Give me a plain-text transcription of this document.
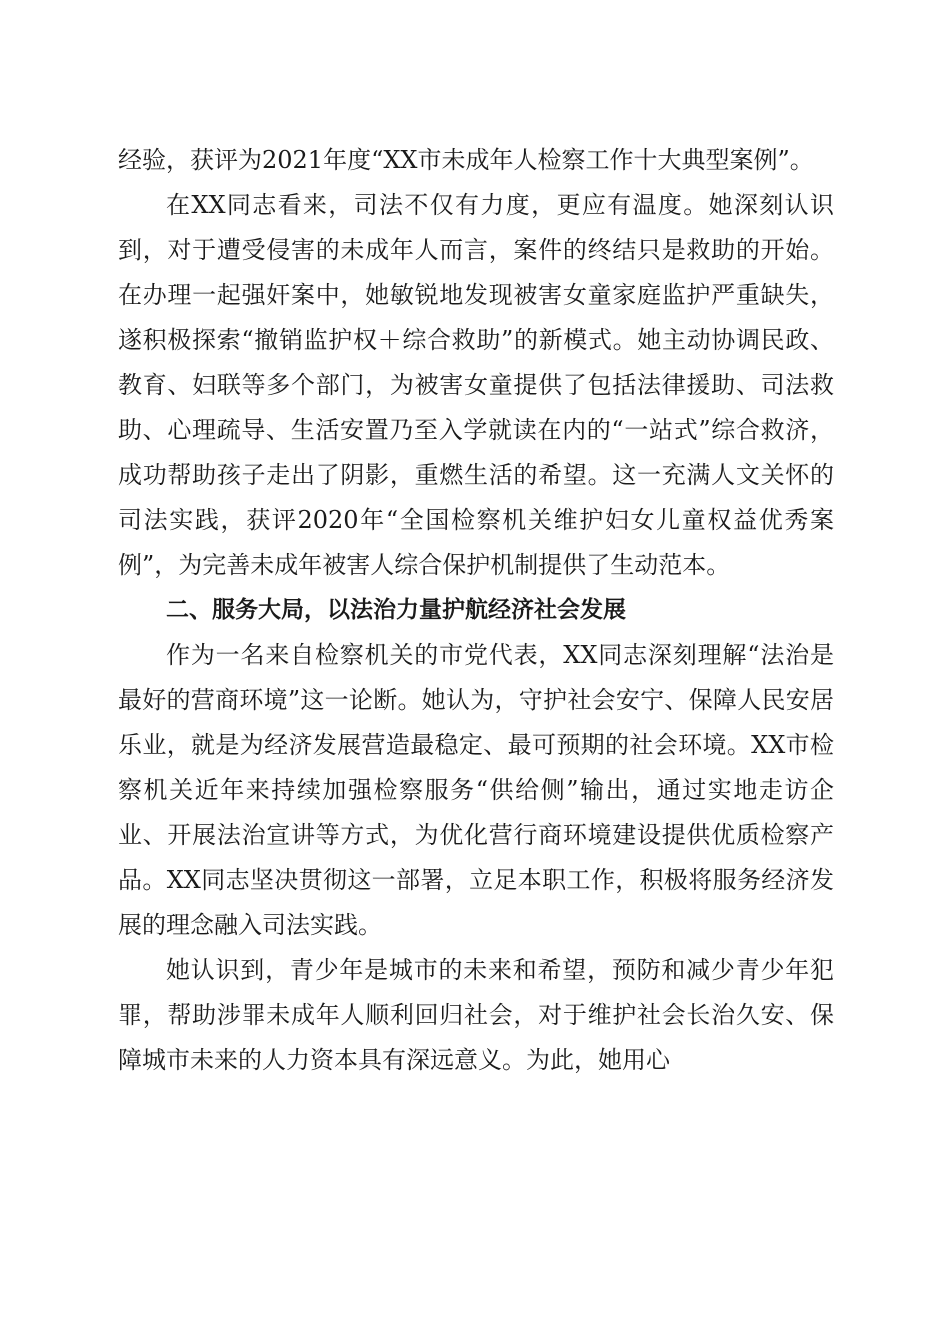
经验，获评为2021年度“XX市未成年人检察工作十大典型案例”。

在XX同志看来，司法不仅有力度，更应有温度。她深刻认识到，对于遭受侵害的未成年人而言，案件的终结只是救助的开始。在办理一起强奸案中，她敏锐地发现被害女童家庭监护严重缺失，遂积极探索“撤销监护权＋综合救助”的新模式。她主动协调民政、教育、妇联等多个部门，为被害女童提供了包括法律援助、司法救助、心理疏导、生活安置乃至入学就读在内的“一站式”综合救济，成功帮助孩子走出了阴影，重燃生活的希望。这一充满人文关怀的司法实践，获评2020年“全国检察机关维护妇女儿童权益优秀案例”，为完善未成年被害人综合保护机制提供了生动范本。

二、服务大局，以法治力量护航经济社会发展

作为一名来自检察机关的市党代表，XX同志深刻理解“法治是最好的营商环境”这一论断。她认为，守护社会安宁、保障人民安居乐业，就是为经济发展营造最稳定、最可预期的社会环境。XX市检察机关近年来持续加强检察服务“供给侧”输出，通过实地走访企业、开展法治宣讲等方式，为优化营行商环境建设提供优质检察产品。XX同志坚决贯彻这一部署，立足本职工作，积极将服务经济发展的理念融入司法实践。

她认识到，青少年是城市的未来和希望，预防和减少青少年犯罪，帮助涉罪未成年人顺利回归社会，对于维护社会长治久安、保障城市未来的人力资本具有深远意义。为此，她用心
